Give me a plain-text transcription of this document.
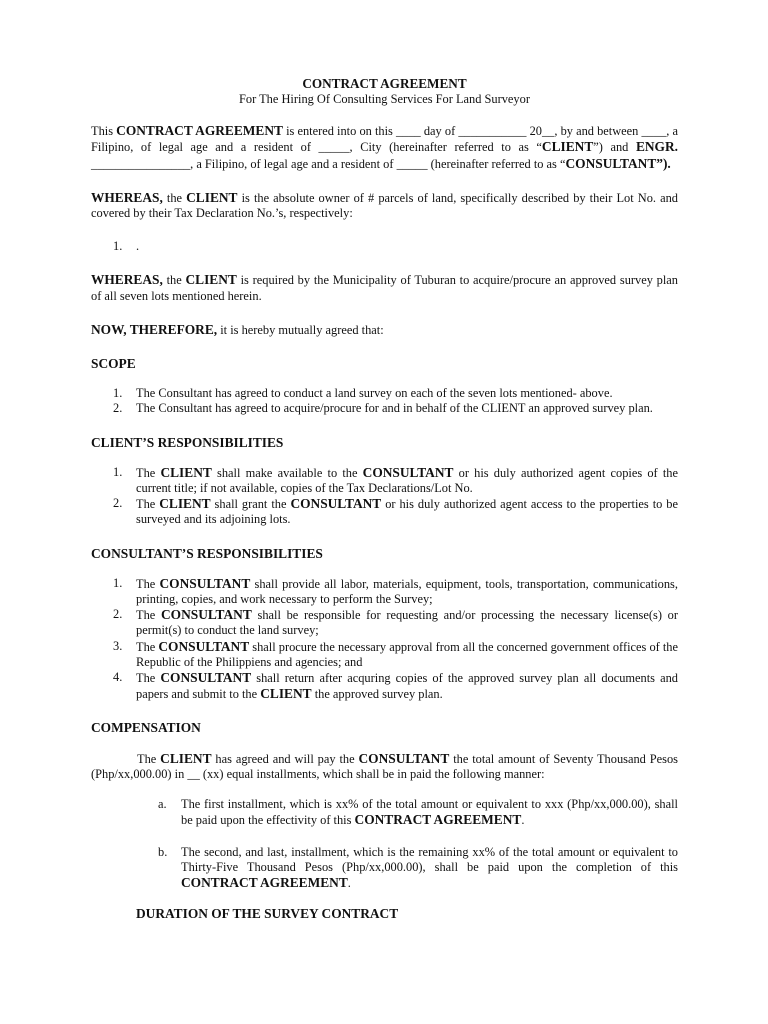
CONTRACT AGREEMENT
For The Hiring Of Consulting Services For Land Surveyor

This CONTRACT AGREEMENT is entered into on this ____ day of ___________ 20__, by and between ____, a Filipino, of legal age and a resident of _____, City (hereinafter referred to as “CLIENT”) and ENGR. ________________, a Filipino, of legal age and a resident of _____ (hereinafter referred to as “CONSULTANT”).

WHEREAS, the CLIENT is the absolute owner of # parcels of land, specifically described by their Lot No. and covered by their Tax Declaration No.’s, respectively:

1. .

WHEREAS, the CLIENT is required by the Municipality of Tuburan to acquire/procure an approved survey plan of all seven lots mentioned herein.

NOW, THEREFORE, it is hereby mutually agreed that:

SCOPE
1. The Consultant has agreed to conduct a land survey on each of the seven lots mentioned- above.
2. The Consultant has agreed to acquire/procure for and in behalf of the CLIENT an approved survey plan.
CLIENT’S RESPONSIBILITIES
1. The CLIENT shall make available to the CONSULTANT or his duly authorized agent copies of the current title; if not available, copies of the Tax Declarations/Lot No.
2. The CLIENT shall grant the CONSULTANT or his duly authorized agent access to the properties to be surveyed and its adjoining lots.
CONSULTANT’S RESPONSIBILITIES
1. The CONSULTANT shall provide all labor, materials, equipment, tools, transportation, communications, printing, copies, and work necessary to perform the Survey;
2. The CONSULTANT shall be responsible for requesting and/or processing the necessary license(s) or permit(s) to conduct the land survey;
3. The CONSULTANT shall procure the necessary approval from all the concerned government offices of the Republic of the Philippiens and agencies; and
4. The CONSULTANT shall return after acquring copies of the approved survey plan all documents and papers and submit to the CLIENT the approved survey plan.
COMPENSATION

The CLIENT has agreed and will pay the CONSULTANT the total amount of Seventy Thousand Pesos (Php/xx,000.00) in __ (xx) equal installments, which shall be in paid the following manner:

a. The first installment, which is xx% of the total amount or equivalent to xxx (Php/xx,000.00), shall be paid upon the effectivity of this CONTRACT AGREEMENT.
b. The second, and last, installment, which is the remaining xx% of the total amount or equivalent to Thirty-Five Thousand Pesos (Php/xx,000.00), shall be paid upon the completion of this CONTRACT AGREEMENT.
DURATION OF THE SURVEY CONTRACT
